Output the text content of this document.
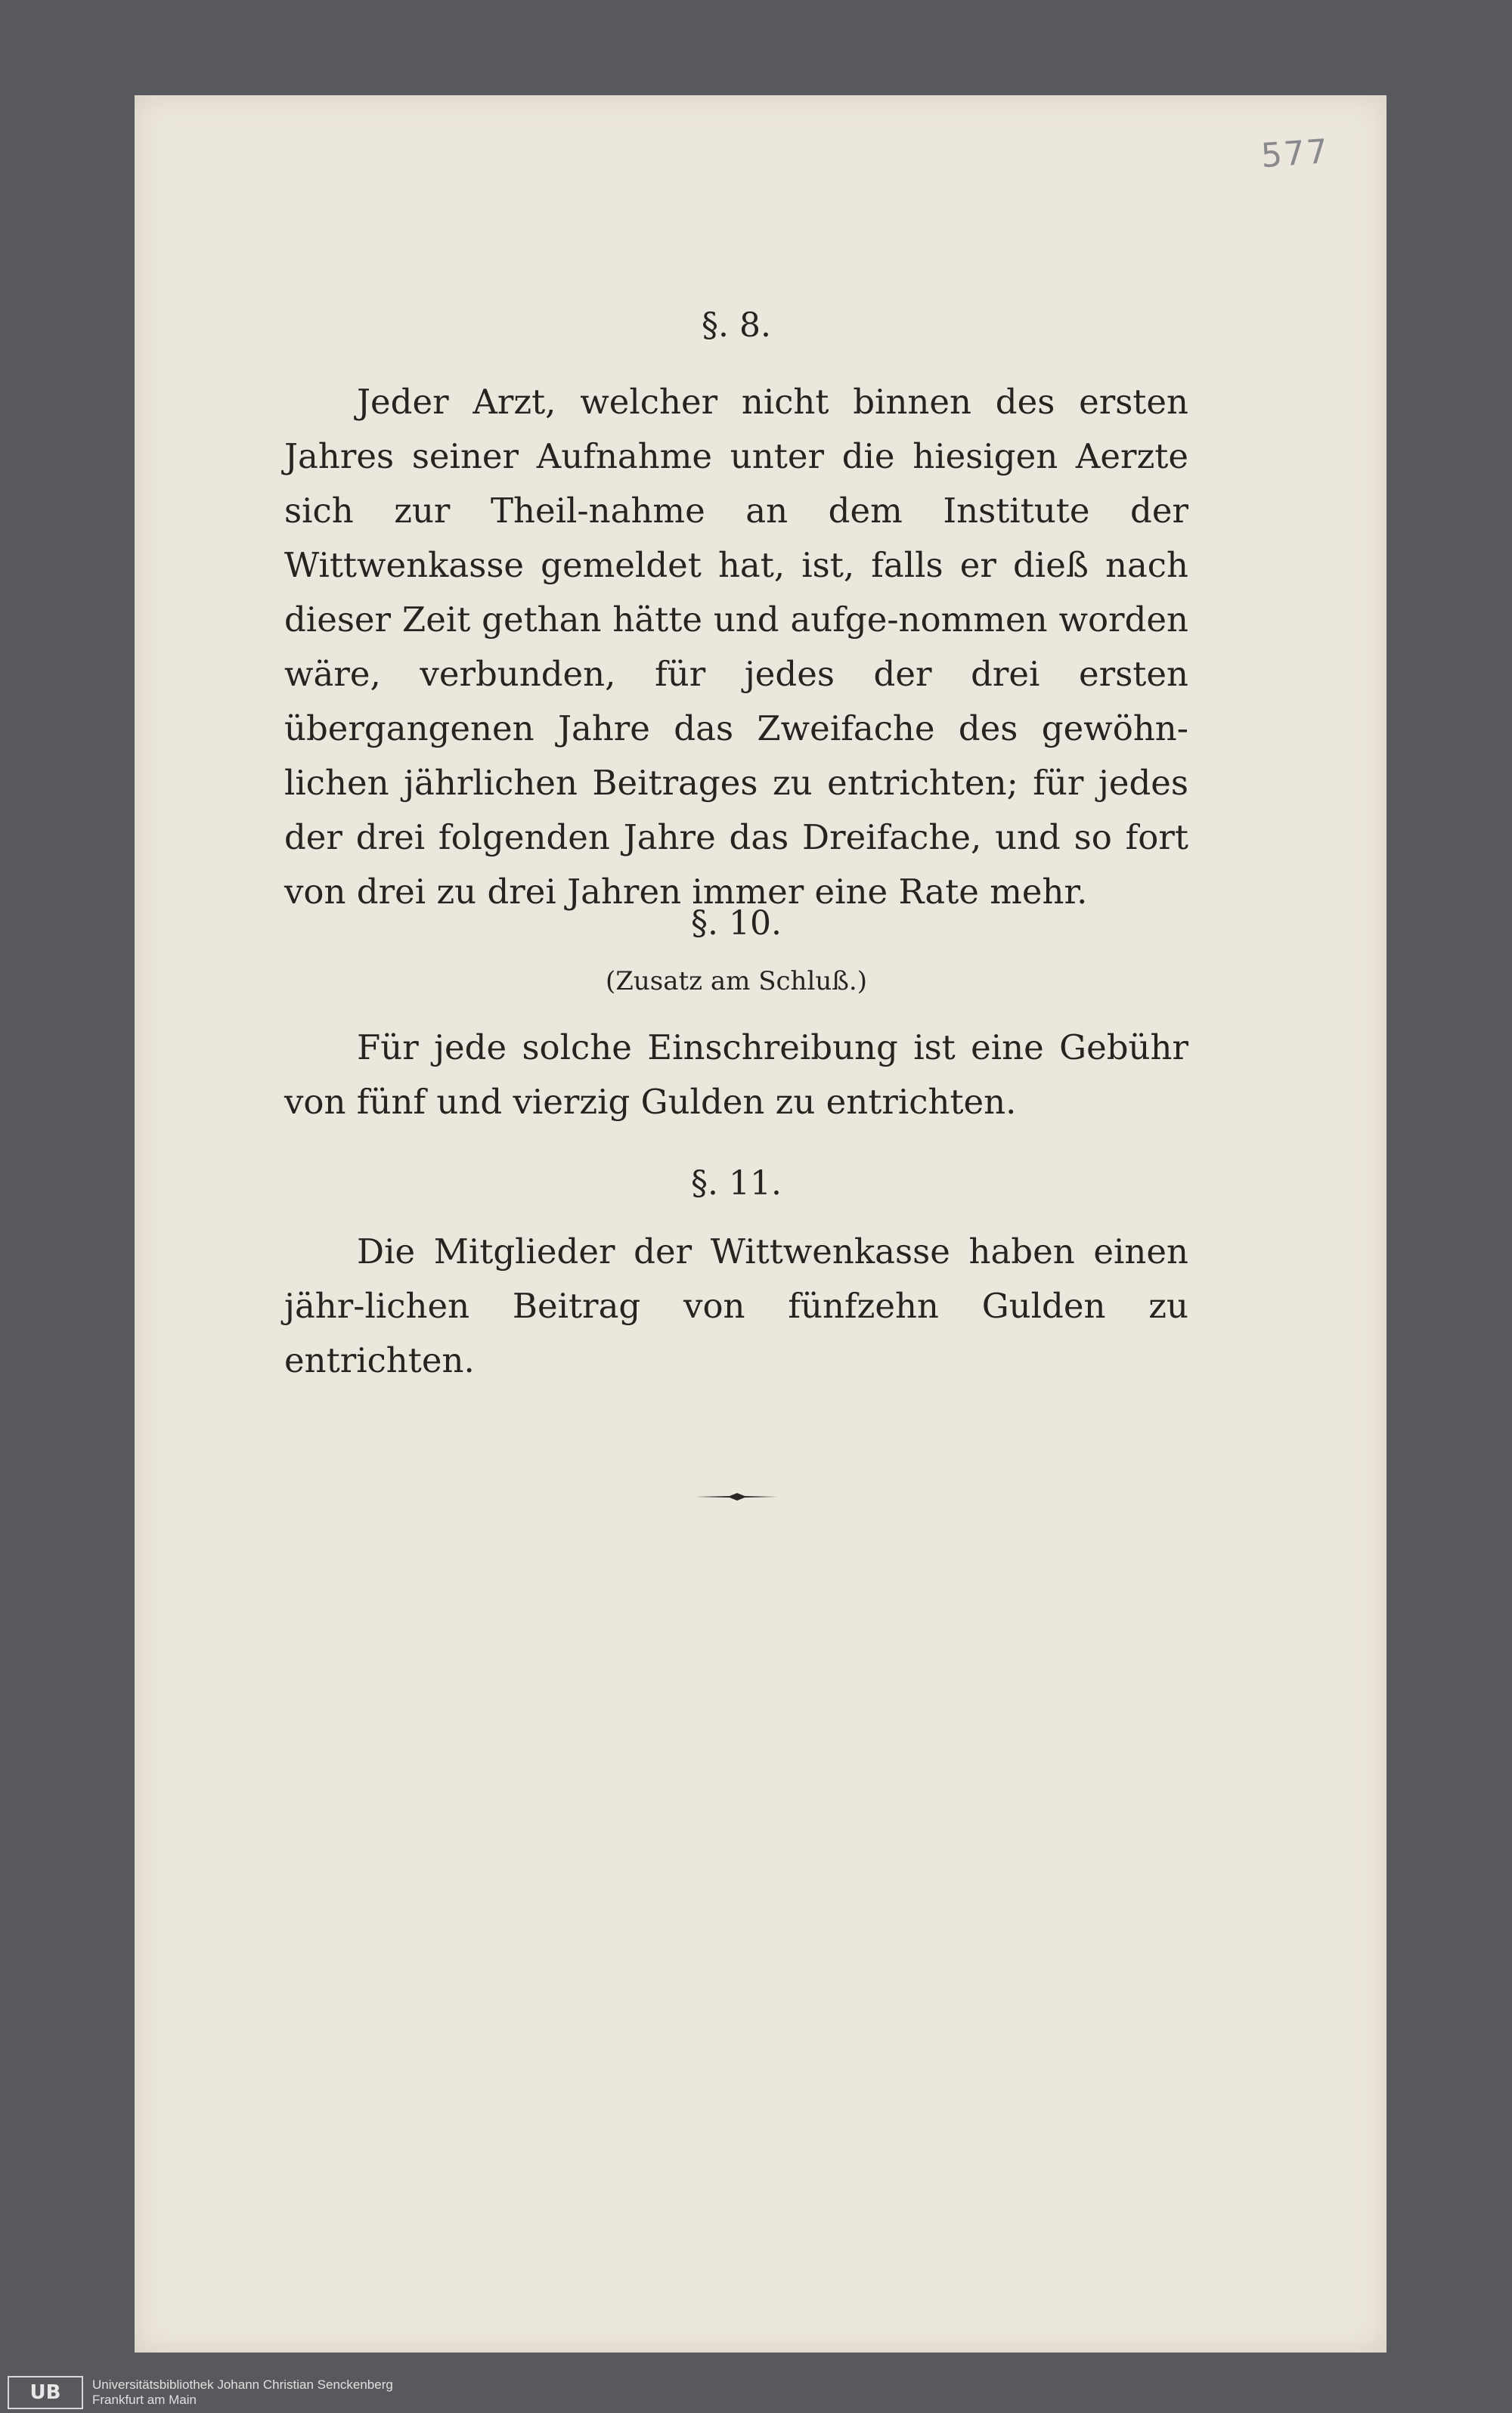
577
§. 8.

Jeder Arzt, welcher nicht binnen des ersten Jahres seiner Aufnahme unter die hiesigen Aerzte sich zur Theil-nahme an dem Institute der Wittwenkasse gemeldet hat, ist, falls er dieß nach dieser Zeit gethan hätte und aufge-nommen worden wäre, verbunden, für jedes der drei ersten übergangenen Jahre das Zweifache des gewöhn-lichen jährlichen Beitrages zu entrichten; für jedes der drei folgenden Jahre das Dreifache, und so fort von drei zu drei Jahren immer eine Rate mehr.

§. 10.
(Zusatz am Schluß.)

Für jede solche Einschreibung ist eine Gebühr von fünf und vierzig Gulden zu entrichten.

§. 11.

Die Mitglieder der Wittwenkasse haben einen jähr-lichen Beitrag von fünfzehn Gulden zu entrichten.

UB	Universitätsbibliothek Johann Christian Senckenberg
Frankfurt am Main
